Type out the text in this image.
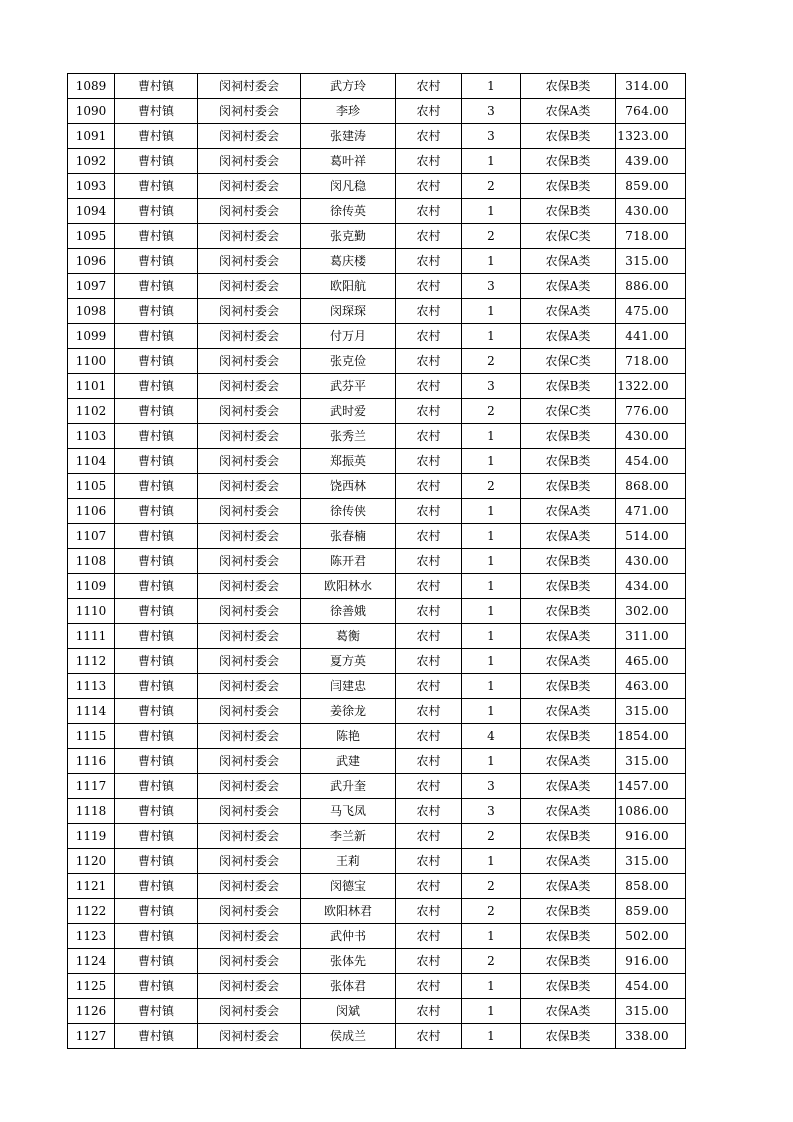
1089	曹村镇	闵祠村委会	武方玲	农村	1	农保B类	314.00
1090	曹村镇	闵祠村委会	李珍	农村	3	农保A类	764.00
1091	曹村镇	闵祠村委会	张建涛	农村	3	农保B类	1323.00
1092	曹村镇	闵祠村委会	葛叶祥	农村	1	农保B类	439.00
1093	曹村镇	闵祠村委会	闵凡稳	农村	2	农保B类	859.00
1094	曹村镇	闵祠村委会	徐传英	农村	1	农保B类	430.00
1095	曹村镇	闵祠村委会	张克勤	农村	2	农保C类	718.00
1096	曹村镇	闵祠村委会	葛庆楼	农村	1	农保A类	315.00
1097	曹村镇	闵祠村委会	欧阳航	农村	3	农保A类	886.00
1098	曹村镇	闵祠村委会	闵琛琛	农村	1	农保A类	475.00
1099	曹村镇	闵祠村委会	付万月	农村	1	农保A类	441.00
1100	曹村镇	闵祠村委会	张克俭	农村	2	农保C类	718.00
1101	曹村镇	闵祠村委会	武芬平	农村	3	农保B类	1322.00
1102	曹村镇	闵祠村委会	武时爱	农村	2	农保C类	776.00
1103	曹村镇	闵祠村委会	张秀兰	农村	1	农保B类	430.00
1104	曹村镇	闵祠村委会	郑振英	农村	1	农保B类	454.00
1105	曹村镇	闵祠村委会	饶西林	农村	2	农保B类	868.00
1106	曹村镇	闵祠村委会	徐传侠	农村	1	农保A类	471.00
1107	曹村镇	闵祠村委会	张春楠	农村	1	农保A类	514.00
1108	曹村镇	闵祠村委会	陈开君	农村	1	农保B类	430.00
1109	曹村镇	闵祠村委会	欧阳林水	农村	1	农保B类	434.00
1110	曹村镇	闵祠村委会	徐善娥	农村	1	农保B类	302.00
1111	曹村镇	闵祠村委会	葛衡	农村	1	农保A类	311.00
1112	曹村镇	闵祠村委会	夏方英	农村	1	农保A类	465.00
1113	曹村镇	闵祠村委会	闫建忠	农村	1	农保B类	463.00
1114	曹村镇	闵祠村委会	姜徐龙	农村	1	农保A类	315.00
1115	曹村镇	闵祠村委会	陈艳	农村	4	农保B类	1854.00
1116	曹村镇	闵祠村委会	武建	农村	1	农保A类	315.00
1117	曹村镇	闵祠村委会	武升奎	农村	3	农保A类	1457.00
1118	曹村镇	闵祠村委会	马飞凤	农村	3	农保A类	1086.00
1119	曹村镇	闵祠村委会	李兰新	农村	2	农保B类	916.00
1120	曹村镇	闵祠村委会	王莉	农村	1	农保A类	315.00
1121	曹村镇	闵祠村委会	闵德宝	农村	2	农保A类	858.00
1122	曹村镇	闵祠村委会	欧阳林君	农村	2	农保B类	859.00
1123	曹村镇	闵祠村委会	武仲书	农村	1	农保B类	502.00
1124	曹村镇	闵祠村委会	张体先	农村	2	农保B类	916.00
1125	曹村镇	闵祠村委会	张体君	农村	1	农保B类	454.00
1126	曹村镇	闵祠村委会	闵斌	农村	1	农保A类	315.00
1127	曹村镇	闵祠村委会	侯成兰	农村	1	农保B类	338.00
